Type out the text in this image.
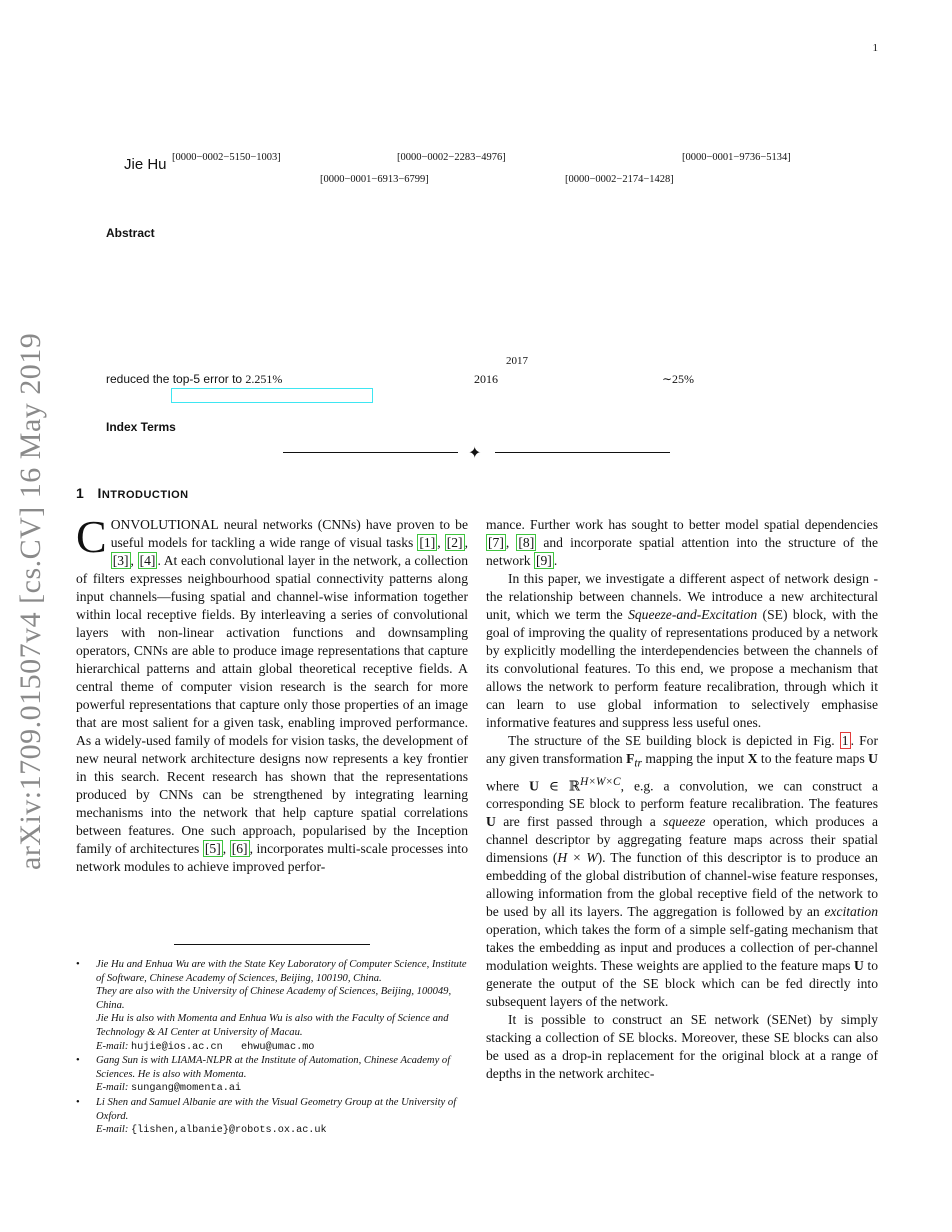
1
arXiv:1709.01507v4 [cs.CV] 16 May 2019
Jie Hu [0000−0002−5150−1003]	[0000−0002−2283−4976]	[0000−0001−9736−5134]
[0000−0001−6913−6799]	[0000−0002−2174−1428]
Abstract
2017
reduced the top-5 error to 2.251%	2016	∼25%
Index Terms
✦
1 INTRODUCTION

CONVOLUTIONAL neural networks (CNNs) have proven to be useful models for tackling a wide range of visual tasks [1] , [2] , [3] , [4] . At each convolutional layer in the network, a collection of filters expresses neighbourhood spatial connectivity patterns along input channels—fusing spatial and channel-wise information together within local receptive fields. By interleaving a series of convolutional layers with non-linear activation functions and downsampling operators, CNNs are able to produce image representations that capture hierarchical patterns and attain global theoretical receptive fields. A central theme of computer vision research is the search for more powerful representations that capture only those properties of an image that are most salient for a given task, enabling improved performance. As a widely-used family of models for vision tasks, the development of new neural network architecture designs now represents a key frontier in this search. Recent research has shown that the representations produced by CNNs can be strengthened by integrating learning mechanisms into the network that help capture spatial correlations between features. One such approach, popularised by the Inception family of architectures [5] , [6] , incorporates multi-scale processes into network modules to achieve improved perfor-

• Jie Hu and Enhua Wu are with the State Key Laboratory of Computer Science, Institute of Software, Chinese Academy of Sciences, Beijing, 100190, China.
They are also with the University of Chinese Academy of Sciences, Beijing, 100049, China.
Jie Hu is also with Momenta and Enhua Wu is also with the Faculty of Science and Technology & AI Center at University of Macau.
E-mail: hujie@ios.ac.cn   ehwu@umac.mo

• Gang Sun is with LIAMA-NLPR at the Institute of Automation, Chinese Academy of Sciences. He is also with Momenta.
E-mail: sungang@momenta.ai

• Li Shen and Samuel Albanie are with the Visual Geometry Group at the University of Oxford.
E-mail: {lishen,albanie}@robots.ox.ac.uk

mance. Further work has sought to better model spatial dependencies [7] , [8] and incorporate spatial attention into the structure of the network [9] .

In this paper, we investigate a different aspect of network design - the relationship between channels. We introduce a new architectural unit, which we term the Squeeze-and-Excitation (SE) block, with the goal of improving the quality of representations produced by a network by explicitly modelling the interdependencies between the channels of its convolutional features. To this end, we propose a mechanism that allows the network to perform feature recalibration, through which it can learn to use global information to selectively emphasise informative features and suppress less useful ones.

The structure of the SE building block is depicted in Fig. 1 . For any given transformation $F_{tr}$ mapping the input X to the feature maps U where U ∈ ℝ$^{H\times W\times C}$, e.g. a convolution, we can construct a corresponding SE block to perform feature recalibration. The features U are first passed through a squeeze operation, which produces a channel descriptor by aggregating feature maps across their spatial dimensions (H × W). The function of this descriptor is to produce an embedding of the global distribution of channel-wise feature responses, allowing information from the global receptive field of the network to be used by all its layers. The aggregation is followed by an excitation operation, which takes the form of a simple self-gating mechanism that takes the embedding as input and produces a collection of per-channel modulation weights. These weights are applied to the feature maps U to generate the output of the SE block which can be fed directly into subsequent layers of the network.

It is possible to construct an SE network (SENet) by simply stacking a collection of SE blocks. Moreover, these SE blocks can also be used as a drop-in replacement for the original block at a range of depths in the network architec-
